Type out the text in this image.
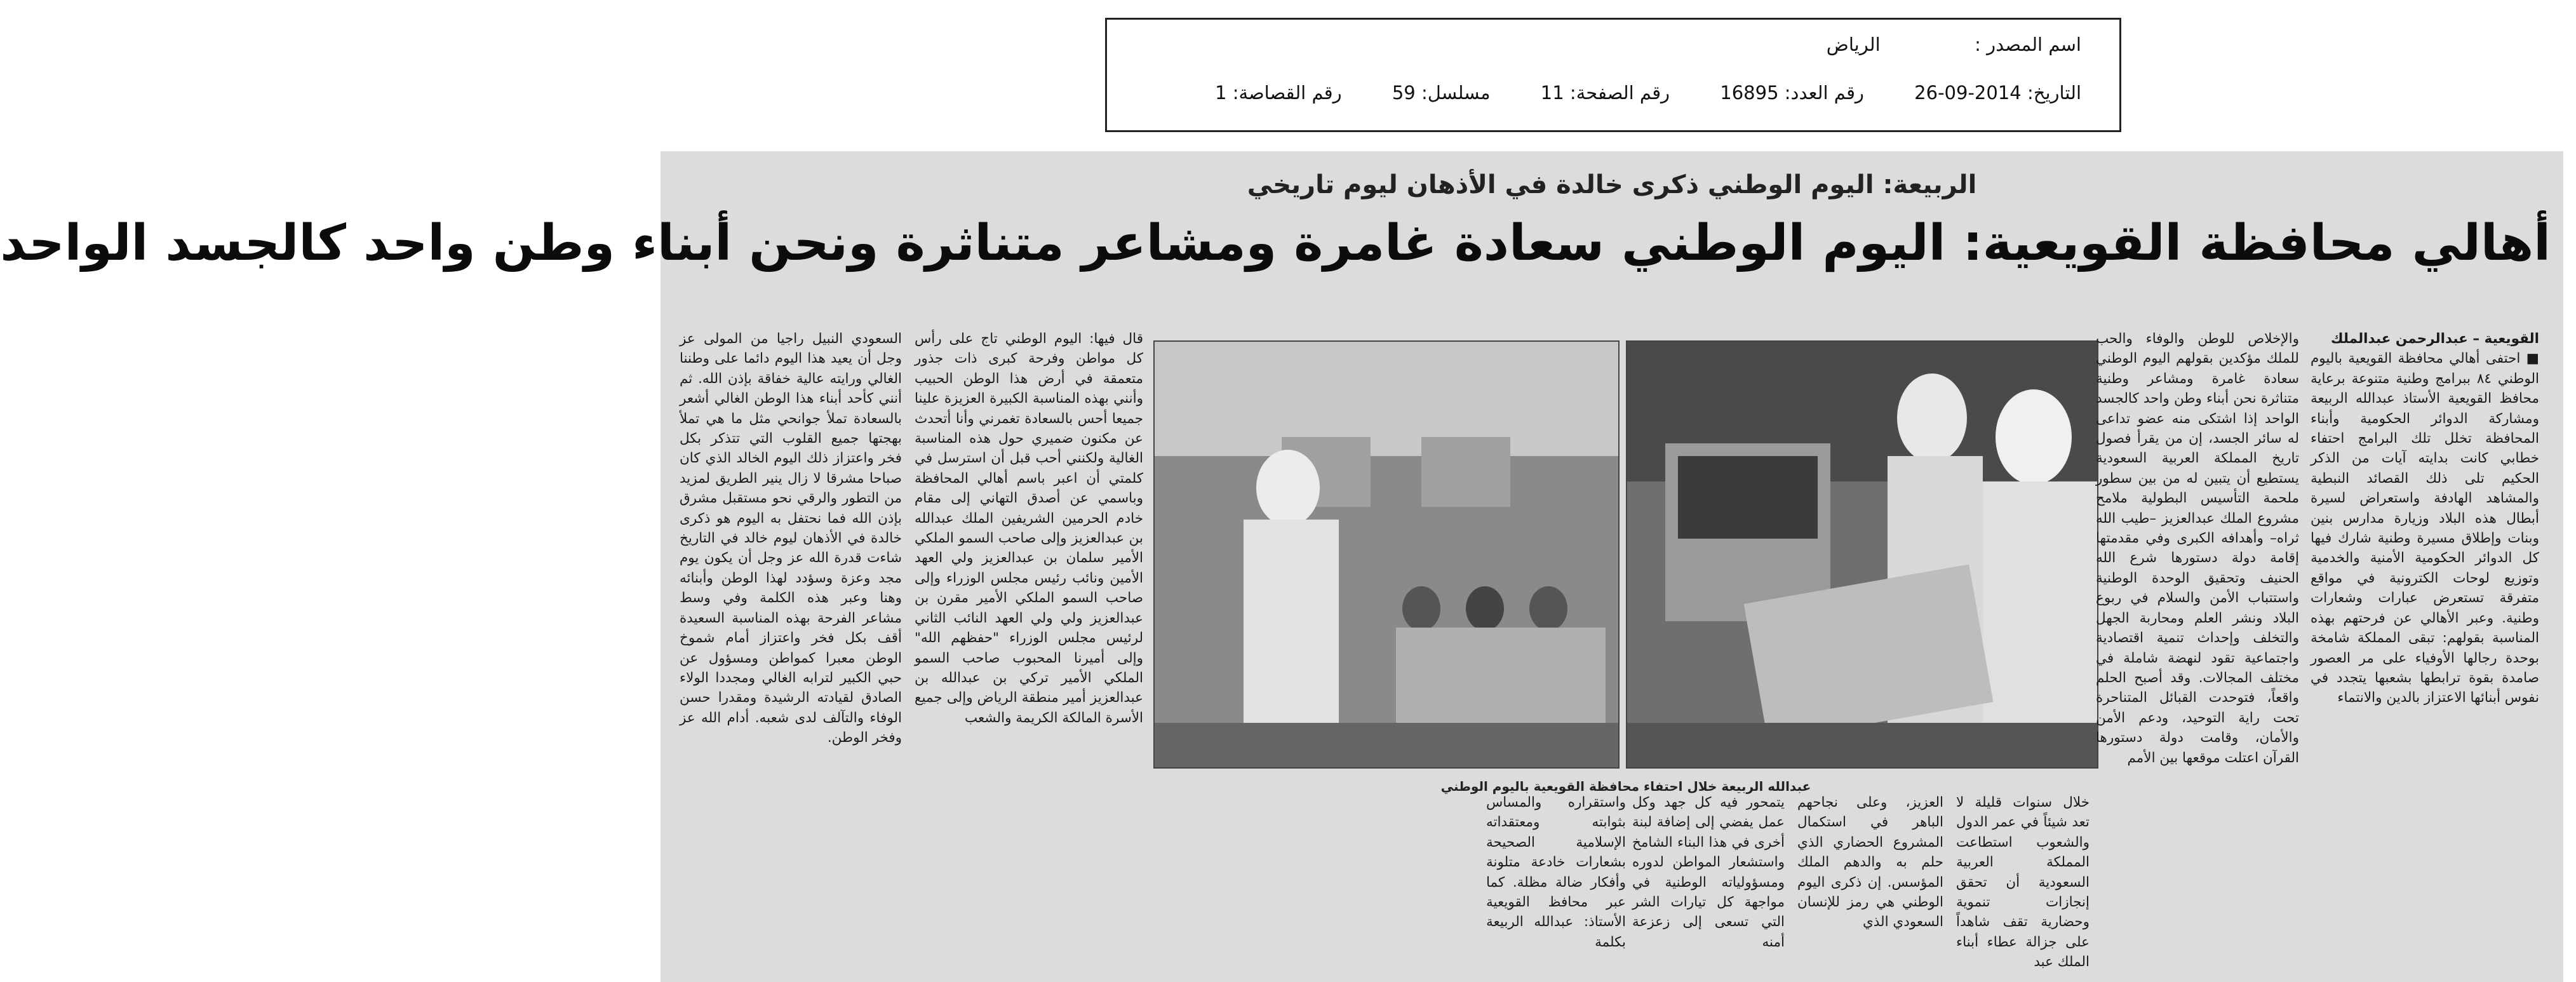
اسم المصدر :  الرياض
التاريخ: 2014-09-26 رقم العدد: 16895 رقم الصفحة: 11 مسلسل: 59 رقم القصاصة: 1
الربيعة: اليوم الوطني ذكرى خالدة في الأذهان ليوم تاريخي
أهالي محافظة القويعية: اليوم الوطني سعادة غامرة ومشاعر متناثرة ونحن أبناء وطن واحد كالجسد الواحد
عبدالله الربيعة خلال احتفاء محافظة القويعية باليوم الوطني

القويعية – عبدالرحمن عبدالملك

■ احتفى أهالي محافظة القويعية باليوم الوطني ٨٤ ببرامج وطنية متنوعة برعاية محافظ القويعية الأستاذ عبدالله الربيعة ومشاركة الدوائر الحكومية وأبناء المحافظة تخلل تلك البرامج احتفاء خطابي كانت بدايته آيات من الذكر الحكيم تلى ذلك القصائد النبطية والمشاهد الهادفة واستعراض لسيرة أبطال هذه البلاد وزيارة مدارس بنين وبنات وإطلاق مسيرة وطنية شارك فيها كل الدوائر الحكومية الأمنية والخدمية وتوزيع لوحات الكترونية في مواقع متفرقة تستعرض عبارات وشعارات وطنية. وعبر الأهالي عن فرحتهم بهذه المناسبة بقولهم: تبقى المملكة شامخة بوحدة رجالها الأوفياء على مر العصور صامدة بقوة ترابطها بشعبها يتجدد في نفوس أبنائها الاعتزاز بالدين والانتماء

والإخلاص للوطن والوفاء والحب للملك مؤكدين بقولهم اليوم الوطني سعادة غامرة ومشاعر وطنية متناثرة نحن أبناء وطن واحد كالجسد الواحد إذا اشتكى منه عضو تداعى له سائر الجسد، إن من يقرأ فصول تاريخ المملكة العربية السعودية يستطيع أن يتبين له من بين سطور ملحمة التأسيس البطولية ملامح مشروع الملك عبدالعزيز –طيب الله ثراه– وأهدافه الكبرى وفي مقدمتها إقامة دولة دستورها شرع الله الحنيف وتحقيق الوحدة الوطنية واستتباب الأمن والسلام في ربوع البلاد ونشر العلم ومحاربة الجهل والتخلف وإحداث تنمية اقتصادية واجتماعية تقود لنهضة شاملة في مختلف المجالات. وقد أصبح الحلم واقعاً، فتوحدت القبائل المتناحرة تحت راية التوحيد، ودعم الأمن والأمان، وقامت دولة دستورها القرآن اعتلت موقعها بين الأمم

خلال سنوات قليلة لا تعد شيئاً في عمر الدول والشعوب استطاعت المملكة العربية السعودية أن تحقق إنجازات تنموية وحضارية تقف شاهداً على جزالة عطاء أبناء الملك عبد

العزيز، وعلى نجاحهم الباهر في استكمال المشروع الحضاري الذي حلم به والدهم الملك المؤسس. إن ذكرى اليوم الوطني هي رمز للإنسان السعودي الذي

يتمحور فيه كل جهد وكل عمل يفضي إلى إضافة لبنة أخرى في هذا البناء الشامخ واستشعار المواطن لدوره ومسؤولياته الوطنية في مواجهة كل تيارات الشر التي تسعى إلى زعزعة أمنه

واستقراره والمساس بثوابته ومعتقداته الإسلامية الصحيحة بشعارات خادعة متلونة وأفكار ضالة مظلة. كما عبر محافظ القويعية الأستاذ: عبدالله الربيعة بكلمة

قال فيها: اليوم الوطني تاج على رأس كل مواطن وفرحة كبرى ذات جذور متعمقة في أرض هذا الوطن الحبيب وأنني بهذه المناسبة الكبيرة العزيزة علينا جميعا أحس بالسعادة تغمرني وأنا أتحدث عن مكنون ضميري حول هذه المناسبة الغالية ولكنني أحب قبل أن استرسل في كلمتي أن اعبر باسم أهالي المحافظة وباسمي عن أصدق التهاني إلى مقام خادم الحرمين الشريفين الملك عبدالله بن عبدالعزيز وإلى صاحب السمو الملكي الأمير سلمان بن عبدالعزيز ولي العهد الأمين ونائب رئيس مجلس الوزراء وإلى صاحب السمو الملكي الأمير مقرن بن عبدالعزيز ولي ولي العهد النائب الثاني لرئيس مجلس الوزراء "حفظهم الله" وإلى أميرنا المحبوب صاحب السمو الملكي الأمير تركي بن عبدالله بن عبدالعزيز أمير منطقة الرياض وإلى جميع الأسرة المالكة الكريمة والشعب

السعودي النبيل راجيا من المولى عز وجل أن يعيد هذا اليوم دائما على وطننا الغالي ورايته عالية خفاقة بإذن الله. ثم أنني كأحد أبناء هذا الوطن الغالي أشعر بالسعادة تملأ جوانحي مثل ما هي تملأ بهجتها جميع القلوب التي تتذكر بكل فخر واعتزاز ذلك اليوم الخالد الذي كان صباحا مشرقا لا زال ينير الطريق لمزيد من التطور والرقي نحو مستقبل مشرق بإذن الله فما نحتفل به اليوم هو ذكرى خالدة في الأذهان ليوم خالد في التاريخ شاءت قدرة الله عز وجل أن يكون يوم مجد وعزة وسؤدد لهذا الوطن وأبنائه وهنا وعبر هذه الكلمة وفي وسط مشاعر الفرحة بهذه المناسبة السعيدة أقف بكل فخر واعتزاز أمام شموخ الوطن معبرا كمواطن ومسؤول عن حبي الكبير لترابه الغالي ومجددا الولاء الصادق لقيادته الرشيدة ومقدرا حسن الوفاء والتآلف لدى شعبه. أدام الله عز وفخر الوطن.
